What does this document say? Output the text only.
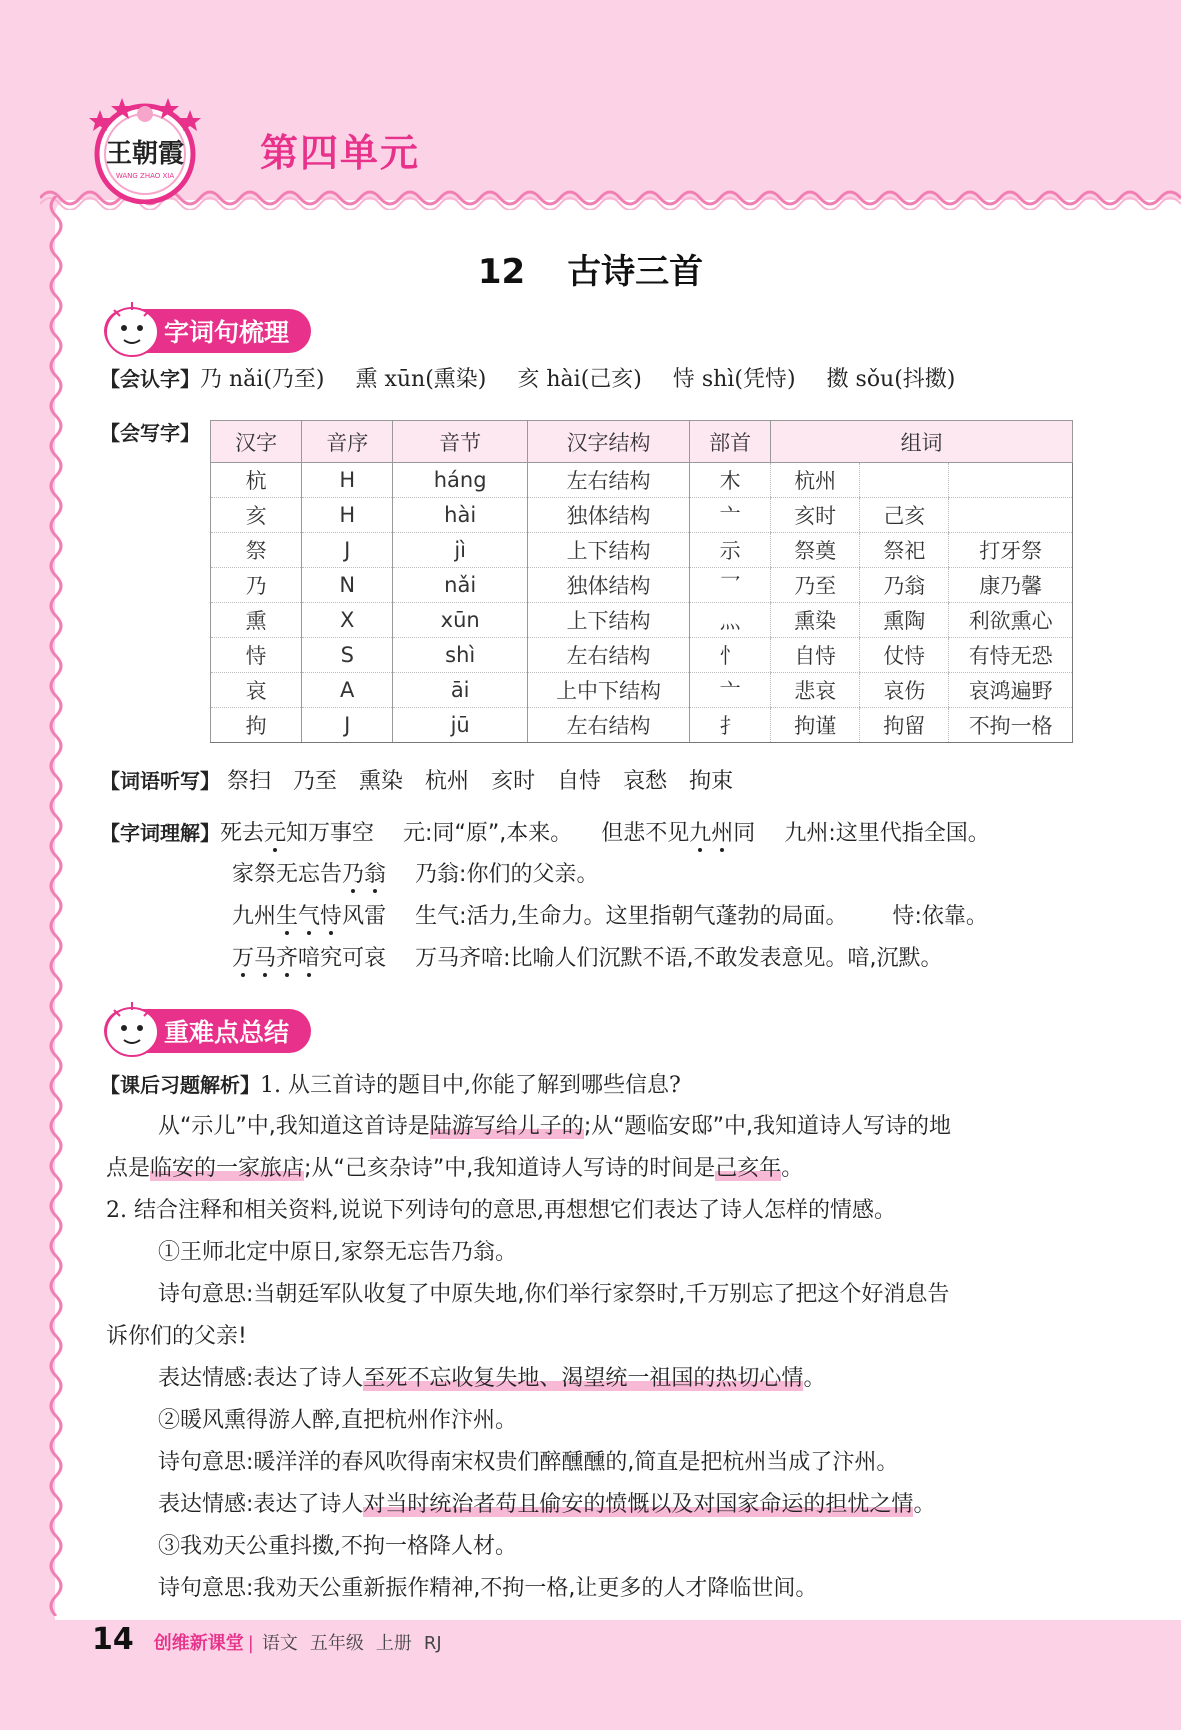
王朝霞
WANG ZHAO XIA
第四单元
12 古诗三首
字词句梳理
【会认字】乃 nǎi(乃至) 熏 xūn(熏染) 亥 hài(己亥) 恃 shì(凭恃) 擞 sǒu(抖擞)
【会写字】 汉字	音序	音节	汉字结构	部首	组词		
杭	H	háng	左右结构	木	杭州		
亥	H	hài	独体结构	亠	亥时	己亥	
祭	J	jì	上下结构	示	祭奠	祭祀	打牙祭
乃	N	nǎi	独体结构	乛	乃至	乃翁	康乃馨
熏	X	xūn	上下结构	灬	熏染	熏陶	利欲熏心
恃	S	shì	左右结构	忄	自恃	仗恃	有恃无恐
哀	A	āi	上中下结构	亠	悲哀	哀伤	哀鸿遍野
拘	J	jū	左右结构	扌	拘谨	拘留	不拘一格
【词语听写】 祭扫 乃至 熏染 杭州 亥时 自恃 哀愁 拘束
【字词理解】死去元知万事空 元:同“原”,本来。 但悲不见九州同 九州:这里代指全国。
家祭无忘告乃翁 乃翁:你们的父亲。
九州生气恃风雷 生气:活力,生命力。这里指朝气蓬勃的局面。 恃:依靠。
万马齐喑究可哀 万马齐喑:比喻人们沉默不语,不敢发表意见。喑,沉默。
重难点总结
【课后习题解析】1. 从三首诗的题目中,你能了解到哪些信息?
从“示儿”中,我知道这首诗是陆游写给儿子的;从“题临安邸”中,我知道诗人写诗的地
点是临安的一家旅店;从“己亥杂诗”中,我知道诗人写诗的时间是己亥年。
2. 结合注释和相关资料,说说下列诗句的意思,再想想它们表达了诗人怎样的情感。
①王师北定中原日,家祭无忘告乃翁。
诗句意思:当朝廷军队收复了中原失地,你们举行家祭时,千万别忘了把这个好消息告
诉你们的父亲!
表达情感:表达了诗人至死不忘收复失地、渴望统一祖国的热切心情。
②暖风熏得游人醉,直把杭州作汴州。
诗句意思:暖洋洋的春风吹得南宋权贵们醉醺醺的,简直是把杭州当成了汴州。
表达情感:表达了诗人对当时统治者苟且偷安的愤慨以及对国家命运的担忧之情。
③我劝天公重抖擞,不拘一格降人材。
诗句意思:我劝天公重新振作精神,不拘一格,让更多的人才降临世间。
14 创维新课堂 | 语文 五年级 上册 RJ
